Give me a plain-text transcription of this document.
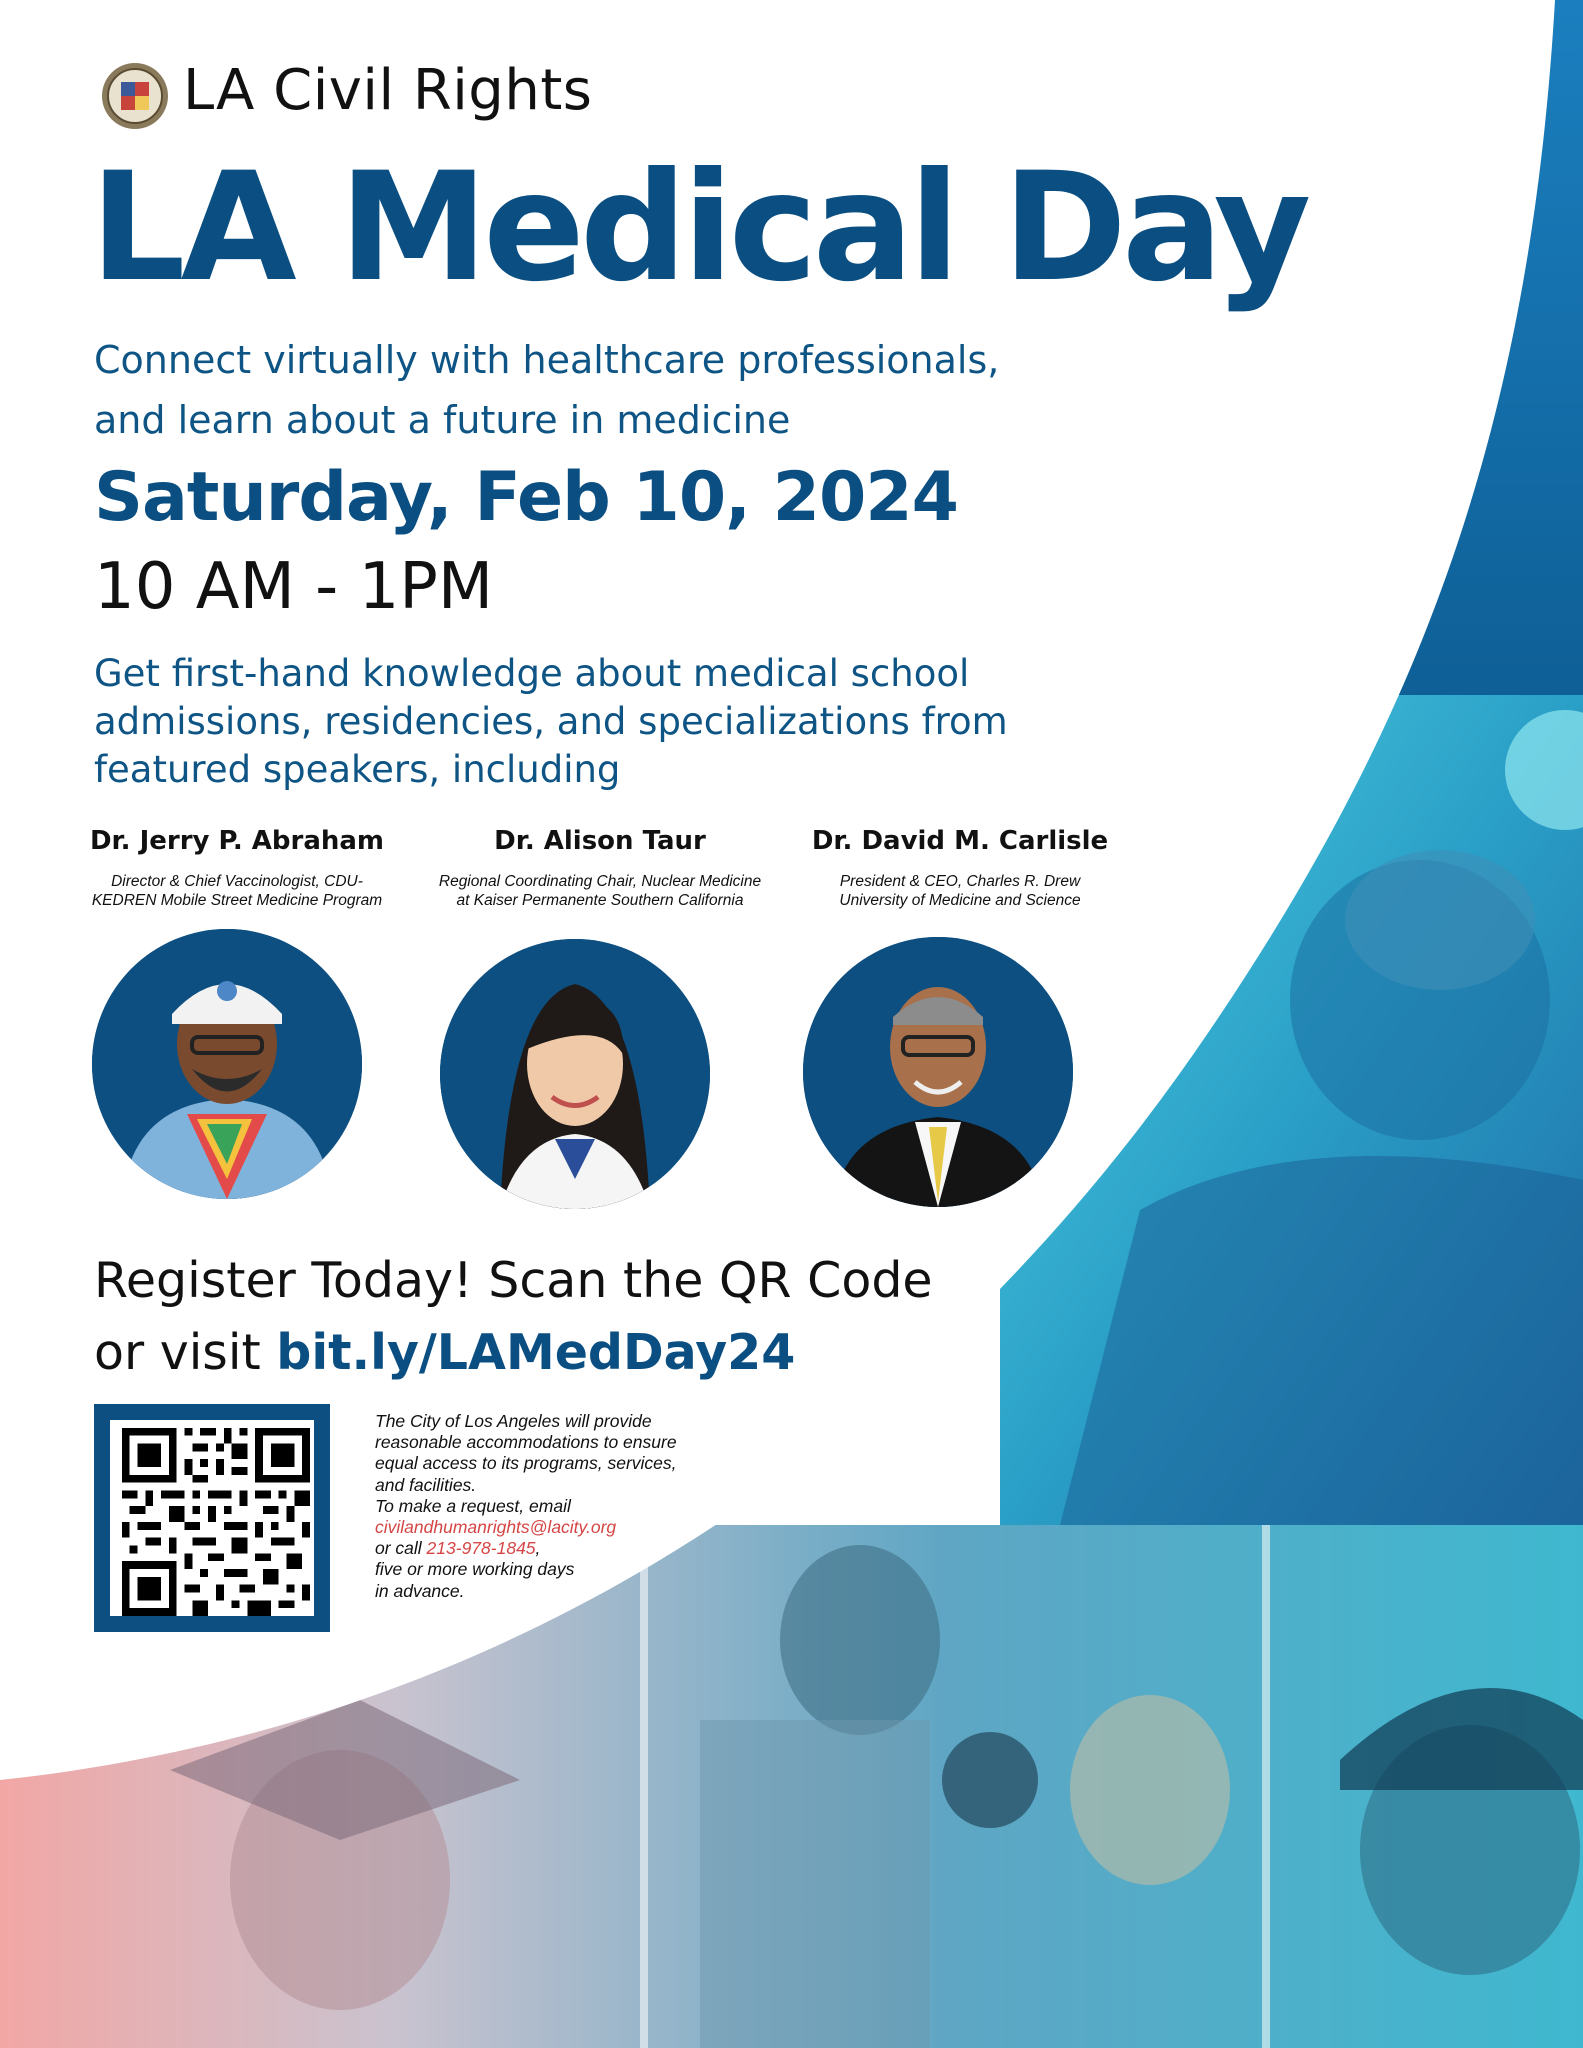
LA Civil Rights
LA Medical Day
Connect virtually with healthcare professionals,
and learn about a future in medicine
Saturday, Feb 10, 2024
10 AM - 1PM
Get first-hand knowledge about medical school admissions, residencies, and specializations from featured speakers, including
Dr. Jerry P. Abraham
Director & Chief Vaccinologist, CDU-
KEDREN Mobile Street Medicine Program
Dr. Alison Taur
Regional Coordinating Chair, Nuclear Medicine
at Kaiser Permanente Southern California
Dr. David M. Carlisle
President & CEO, Charles R. Drew
University of Medicine and Science
Register Today! Scan the QR Code
or visit bit.ly/LAMedDay24
The City of Los Angeles will provide
reasonable accommodations to ensure
equal access to its programs, services,
and facilities.
To make a request, email
civilandhumanrights@lacity.org
or call 213-978-1845,
five or more working days
in advance.
